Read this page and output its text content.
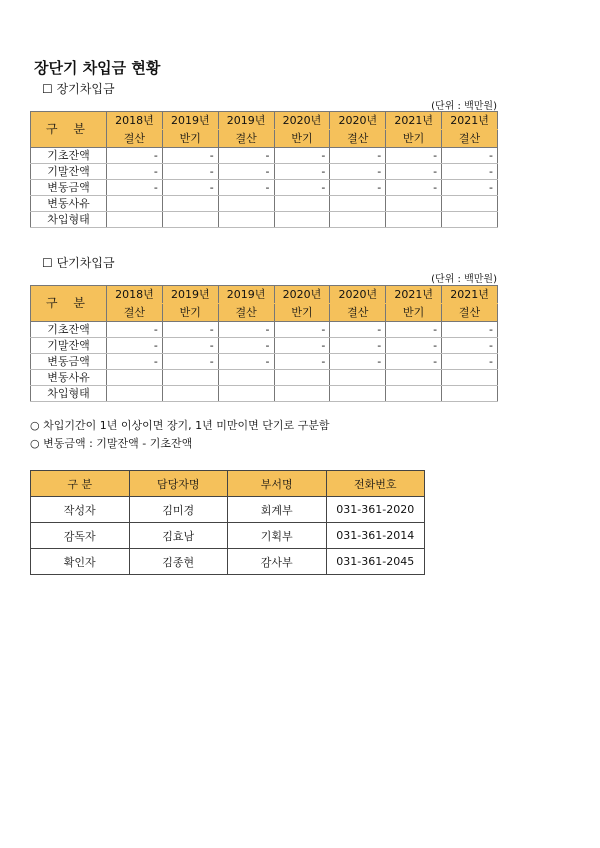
장단기 차입금 현황
☐ 장기차입금
(단위 : 백만원)
구 분	2018년	2019년	2019년	2020년	2020년	2021년	2021년
	결산	반기	결산	반기	결산	반기	결산
기초잔액	-	-	-	-	-	-	-
기말잔액	-	-	-	-	-	-	-
변동금액	-	-	-	-	-	-	-
변동사유							
차입형태							
☐ 단기차입금
(단위 : 백만원)
구 분	2018년	2019년	2019년	2020년	2020년	2021년	2021년
	결산	반기	결산	반기	결산	반기	결산
기초잔액	-	-	-	-	-	-	-
기말잔액	-	-	-	-	-	-	-
변동금액	-	-	-	-	-	-	-
변동사유							
차입형태							
○ 차입기간이 1년 이상이면 장기, 1년 미만이면 단기로 구분함
○ 변동금액 : 기말잔액 - 기초잔액
구 분	담당자명	부서명	전화번호
작성자	김미경	회계부	031-361-2020
감독자	김효남	기획부	031-361-2014
확인자	김종현	감사부	031-361-2045
